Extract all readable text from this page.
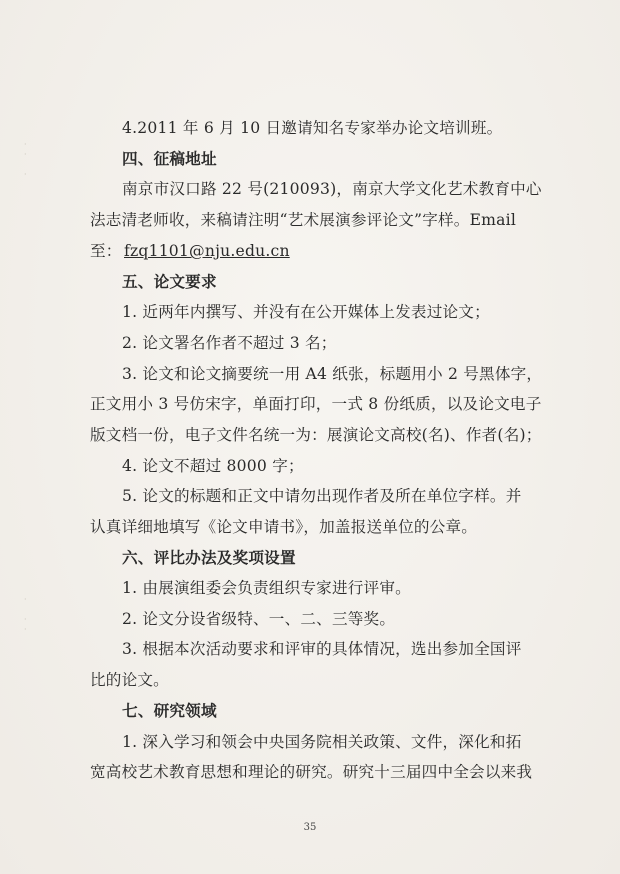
·
·

·
·

·
·
4.2011 年 6 月 10 日邀请知名专家举办论文培训班。
四、征稿地址
南京市汉口路 22 号(210093)，南京大学文化艺术教育中心
法志清老师收，来稿请注明“艺术展演参评论文”字样。Email
至： fzq1101@nju.edu.cn
五、论文要求
1. 近两年内撰写、并没有在公开媒体上发表过论文；
2. 论文署名作者不超过 3 名；
3. 论文和论文摘要统一用 A4 纸张，标题用小 2 号黑体字，
正文用小 3 号仿宋字，单面打印，一式 8 份纸质，以及论文电子
版文档一份，电子文件名统一为：展演论文高校(名)、作者(名)；
4. 论文不超过 8000 字；
5. 论文的标题和正文中请勿出现作者及所在单位字样。并
认真详细地填写《论文申请书》，加盖报送单位的公章。
六、评比办法及奖项设置
1. 由展演组委会负责组织专家进行评审。
2. 论文分设省级特、一、二、三等奖。
3. 根据本次活动要求和评审的具体情况，选出参加全国评
比的论文。
七、研究领域
1. 深入学习和领会中央国务院相关政策、文件，深化和拓
宽高校艺术教育思想和理论的研究。研究十三届四中全会以来我
35
